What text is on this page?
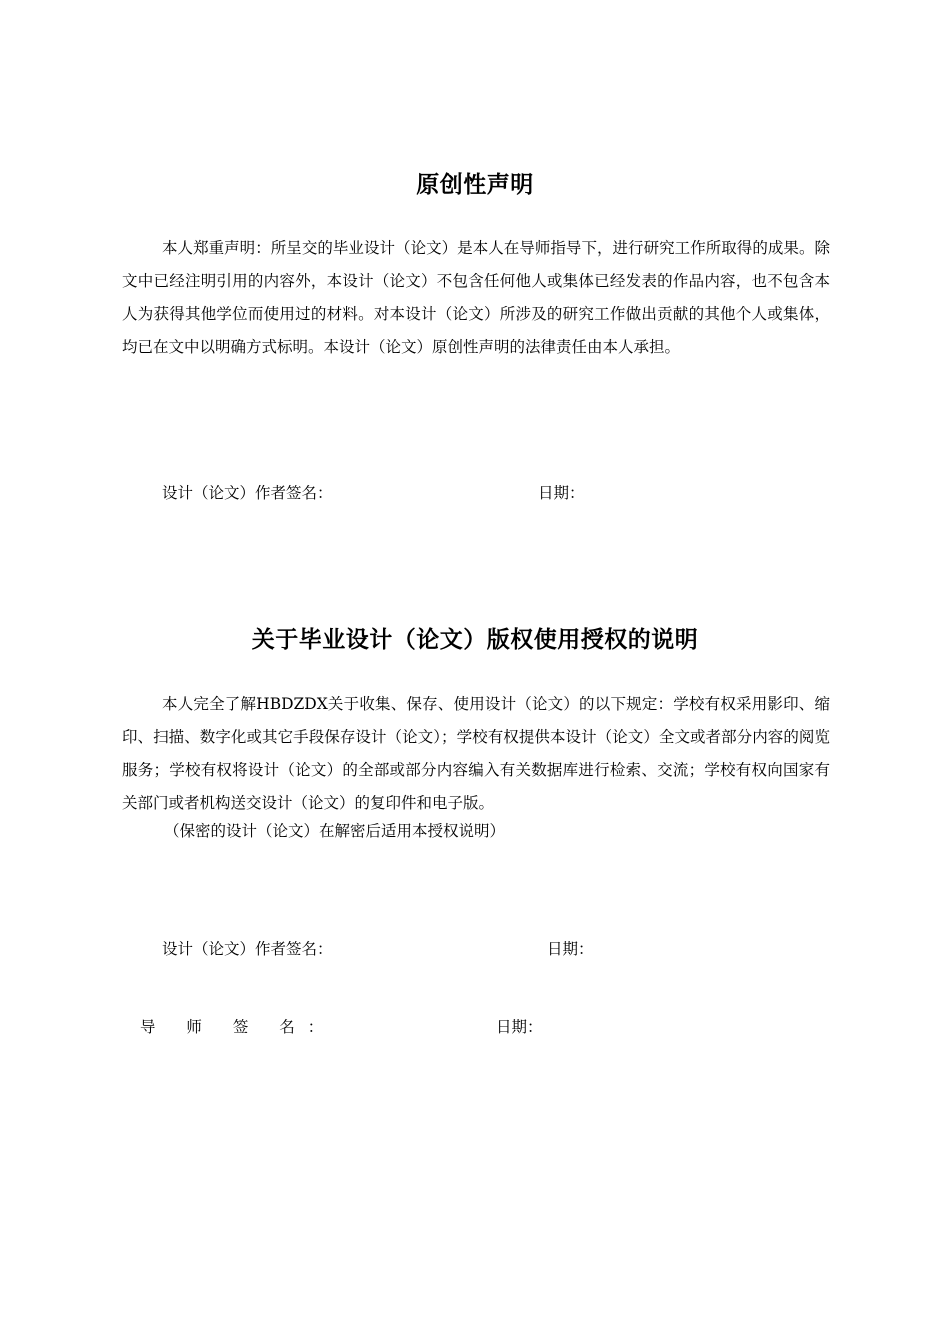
原创性声明
本人郑重声明：所呈交的毕业设计（论文）是本人在导师指导下，进行研究工作所取得的成果。除文中已经注明引用的内容外，本设计（论文）不包含任何他人或集体已经发表的作品内容，也不包含本人为获得其他学位而使用过的材料。对本设计（论文）所涉及的研究工作做出贡献的其他个人或集体，均已在文中以明确方式标明。本设计（论文）原创性声明的法律责任由本人承担。
设计（论文）作者签名：	日期：
关于毕业设计（论文）版权使用授权的说明
本人完全了解HBDZDX关于收集、保存、使用设计（论文）的以下规定：学校有权采用影印、缩印、扫描、数字化或其它手段保存设计（论文）；学校有权提供本设计（论文）全文或者部分内容的阅览服务；学校有权将设计（论文）的全部或部分内容编入有关数据库进行检索、交流；学校有权向国家有关部门或者机构送交设计（论文）的复印件和电子版。
（保密的设计（论文）在解密后适用本授权说明）
设计（论文）作者签名：	日期：
导 师 签 名：	日期：
